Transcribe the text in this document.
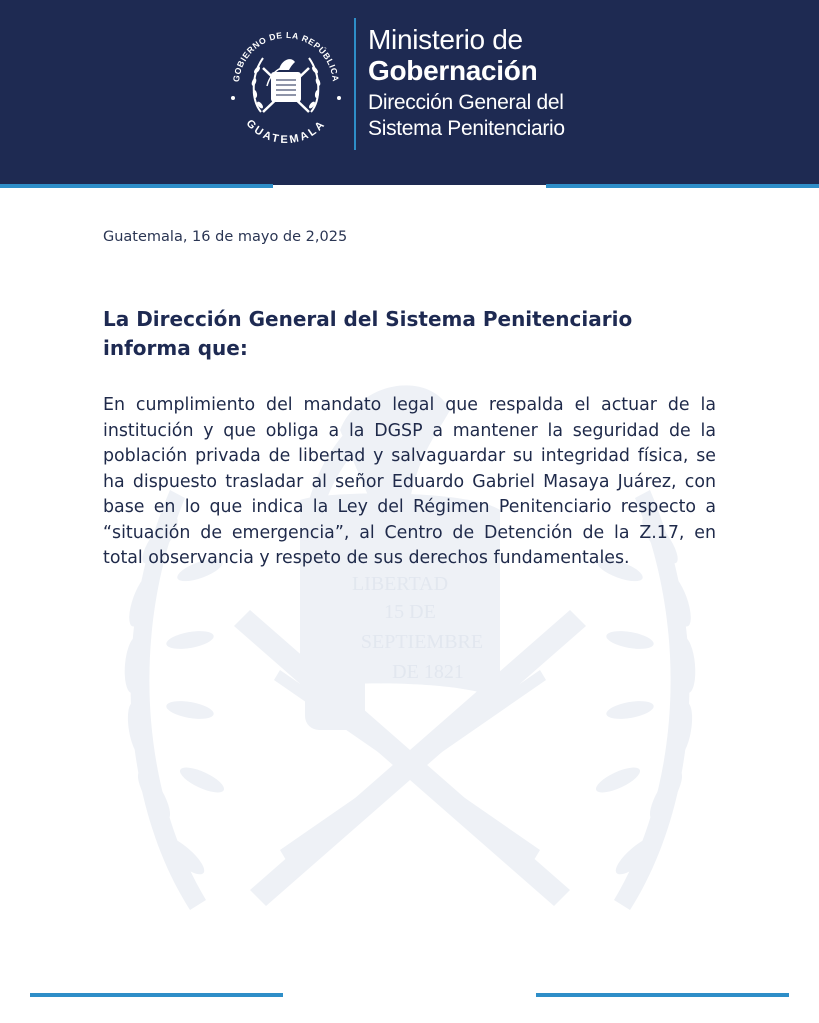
GOBIERNO DE LA REPÚBLICA
GUATEMALA
Ministerio de
Gobernación
Dirección General del
Sistema Penitenciario
LIBERTAD
15 DE
SEPTIEMBRE
DE 1821
Guatemala, 16 de mayo de 2,025
La Dirección General del Sistema Penitenciario
informa que:
En cumplimiento del mandato legal que respalda el actuar de la institución y que obliga a la DGSP a mantener la seguridad de la población privada de libertad y salvaguardar su integridad física, se ha dispuesto trasladar al señor Eduardo Gabriel Masaya Juárez, con base en lo que indica la Ley del Régimen Penitenciario respecto a “situación de emergencia”, al Centro de Detención de la Z.17, en total observancia y respeto de sus derechos fundamentales.
